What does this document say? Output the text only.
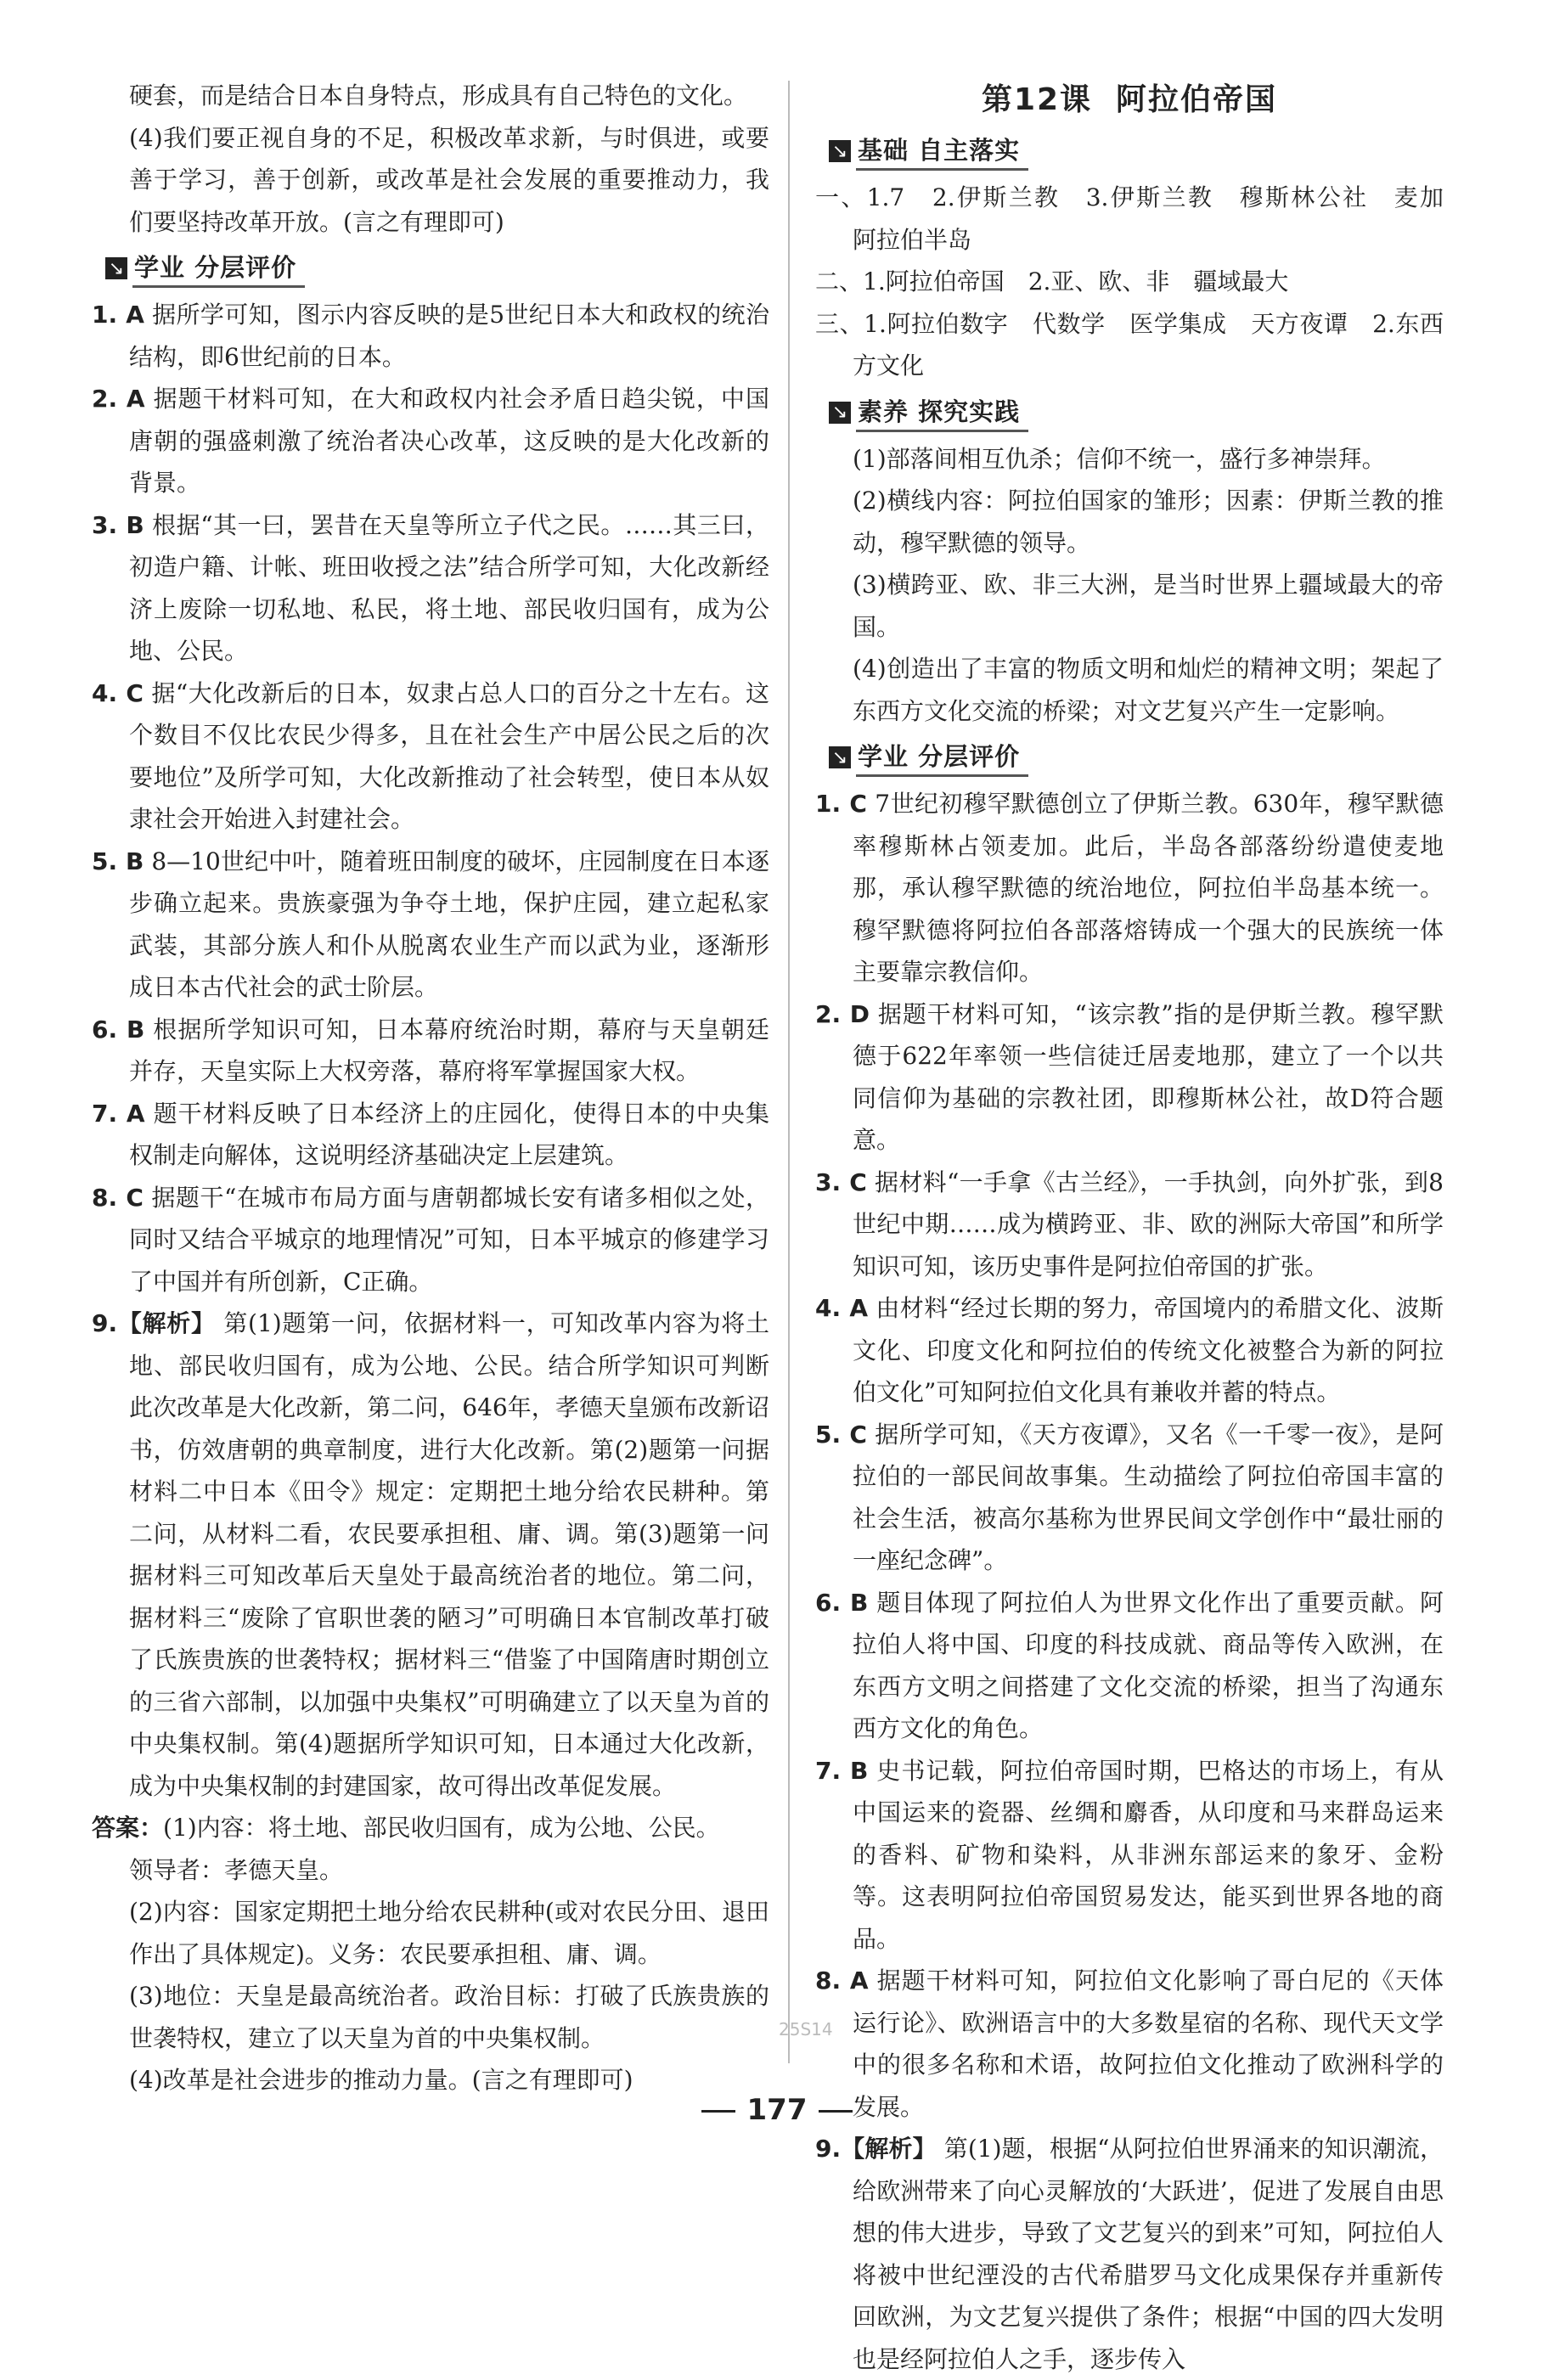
硬套，而是结合日本自身特点，形成具有自己特色的文化。

(4)我们要正视自身的不足，积极改革求新，与时俱进，或要善于学习，善于创新，或改革是社会发展的重要推动力，我们要坚持改革开放。(言之有理即可)

↘ 学业 分层评价

1. A 据所学可知，图示内容反映的是5世纪日本大和政权的统治结构，即6世纪前的日本。

2. A 据题干材料可知，在大和政权内社会矛盾日趋尖锐，中国唐朝的强盛刺激了统治者决心改革，这反映的是大化改新的背景。

3. B 根据“其一曰，罢昔在天皇等所立子代之民。……其三曰，初造户籍、计帐、班田收授之法”结合所学可知，大化改新经济上废除一切私地、私民，将土地、部民收归国有，成为公地、公民。

4. C 据“大化改新后的日本，奴隶占总人口的百分之十左右。这个数目不仅比农民少得多，且在社会生产中居公民之后的次要地位”及所学可知，大化改新推动了社会转型，使日本从奴隶社会开始进入封建社会。

5. B 8—10世纪中叶，随着班田制度的破坏，庄园制度在日本逐步确立起来。贵族豪强为争夺土地，保护庄园，建立起私家武装，其部分族人和仆从脱离农业生产而以武为业，逐渐形成日本古代社会的武士阶层。

6. B 根据所学知识可知，日本幕府统治时期，幕府与天皇朝廷并存，天皇实际上大权旁落，幕府将军掌握国家大权。

7. A 题干材料反映了日本经济上的庄园化，使得日本的中央集权制走向解体，这说明经济基础决定上层建筑。

8. C 据题干“在城市布局方面与唐朝都城长安有诸多相似之处，同时又结合平城京的地理情况”可知，日本平城京的修建学习了中国并有所创新，C正确。

9.【解析】 第(1)题第一问，依据材料一，可知改革内容为将土地、部民收归国有，成为公地、公民。结合所学知识可判断此次改革是大化改新，第二问，646年，孝德天皇颁布改新诏书，仿效唐朝的典章制度，进行大化改新。第(2)题第一问据材料二中日本《田令》规定：定期把土地分给农民耕种。第二问，从材料二看，农民要承担租、庸、调。第(3)题第一问据材料三可知改革后天皇处于最高统治者的地位。第二问，据材料三“废除了官职世袭的陋习”可明确日本官制改革打破了氏族贵族的世袭特权；据材料三“借鉴了中国隋唐时期创立的三省六部制，以加强中央集权”可明确建立了以天皇为首的中央集权制。第(4)题据所学知识可知，日本通过大化改新，成为中央集权制的封建国家，故可得出改革促发展。

答案：(1)内容：将土地、部民收归国有，成为公地、公民。

领导者：孝德天皇。

(2)内容：国家定期把土地分给农民耕种(或对农民分田、退田作出了具体规定)。义务：农民要承担租、庸、调。

(3)地位：天皇是最高统治者。政治目标：打破了氏族贵族的世袭特权，建立了以天皇为首的中央集权制。

(4)改革是社会进步的推动力量。(言之有理即可)

第12课 阿拉伯帝国
↘ 基础 自主落实

一、1.7　2.伊斯兰教　3.伊斯兰教　穆斯林公社　麦加　阿拉伯半岛

二、1.阿拉伯帝国　2.亚、欧、非　疆域最大

三、1.阿拉伯数字　代数学　医学集成　天方夜谭　2.东西方文化

↘ 素养 探究实践

(1)部落间相互仇杀；信仰不统一，盛行多神崇拜。

(2)横线内容：阿拉伯国家的雏形；因素：伊斯兰教的推动，穆罕默德的领导。

(3)横跨亚、欧、非三大洲，是当时世界上疆域最大的帝国。

(4)创造出了丰富的物质文明和灿烂的精神文明；架起了东西方文化交流的桥梁；对文艺复兴产生一定影响。

↘ 学业 分层评价

1. C 7世纪初穆罕默德创立了伊斯兰教。630年，穆罕默德率穆斯林占领麦加。此后，半岛各部落纷纷遣使麦地那，承认穆罕默德的统治地位，阿拉伯半岛基本统一。穆罕默德将阿拉伯各部落熔铸成一个强大的民族统一体主要靠宗教信仰。

2. D 据题干材料可知，“该宗教”指的是伊斯兰教。穆罕默德于622年率领一些信徒迁居麦地那，建立了一个以共同信仰为基础的宗教社团，即穆斯林公社，故D符合题意。

3. C 据材料“一手拿《古兰经》，一手执剑，向外扩张，到8世纪中期……成为横跨亚、非、欧的洲际大帝国”和所学知识可知，该历史事件是阿拉伯帝国的扩张。

4. A 由材料“经过长期的努力，帝国境内的希腊文化、波斯文化、印度文化和阿拉伯的传统文化被整合为新的阿拉伯文化”可知阿拉伯文化具有兼收并蓄的特点。

5. C 据所学可知，《天方夜谭》，又名《一千零一夜》，是阿拉伯的一部民间故事集。生动描绘了阿拉伯帝国丰富的社会生活，被高尔基称为世界民间文学创作中“最壮丽的一座纪念碑”。

6. B 题目体现了阿拉伯人为世界文化作出了重要贡献。阿拉伯人将中国、印度的科技成就、商品等传入欧洲，在东西方文明之间搭建了文化交流的桥梁，担当了沟通东西方文化的角色。

7. B 史书记载，阿拉伯帝国时期，巴格达的市场上，有从中国运来的瓷器、丝绸和麝香，从印度和马来群岛运来的香料、矿物和染料，从非洲东部运来的象牙、金粉等。这表明阿拉伯帝国贸易发达，能买到世界各地的商品。

8. A 据题干材料可知，阿拉伯文化影响了哥白尼的《天体运行论》、欧洲语言中的大多数星宿的名称、现代天文学中的很多名称和术语，故阿拉伯文化推动了欧洲科学的发展。

9.【解析】 第(1)题，根据“从阿拉伯世界涌来的知识潮流，给欧洲带来了向心灵解放的‘大跃进’，促进了发展自由思想的伟大进步，导致了文艺复兴的到来”可知，阿拉伯人将被中世纪湮没的古代希腊罗马文化成果保存并重新传回欧洲，为文艺复兴提供了条件；根据“中国的四大发明也是经阿拉伯人之手，逐步传入

25S14
177
